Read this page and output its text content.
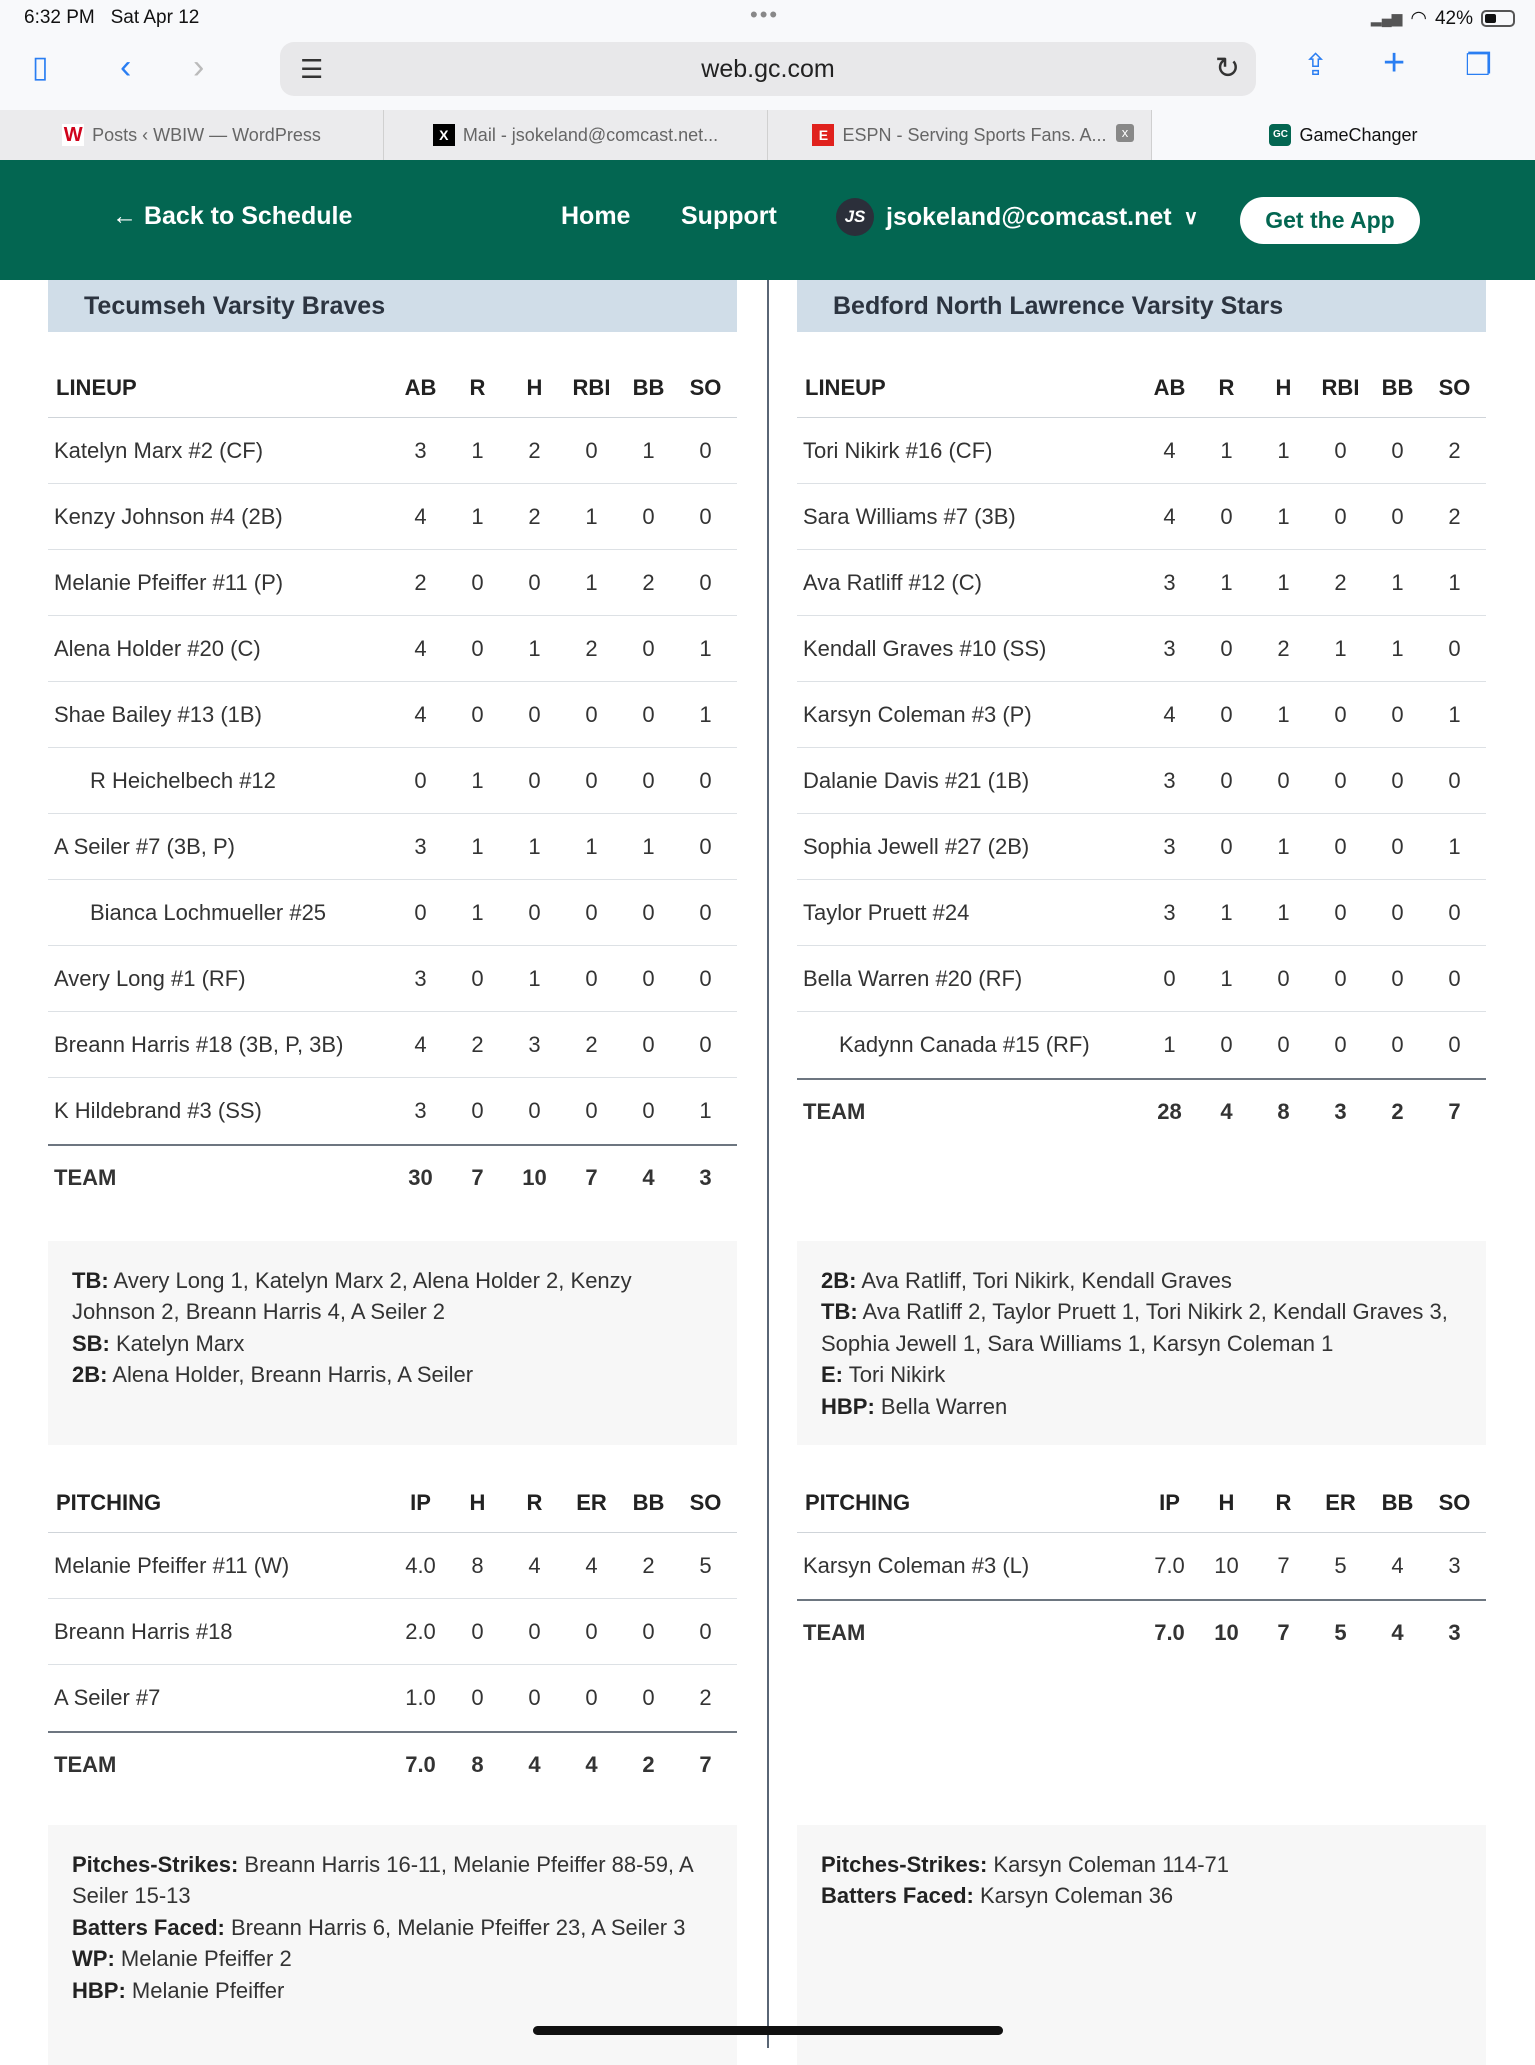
6:32 PM Sat Apr 12	•••	▂▄▆ ◠ 42%
▯ ‹ ›	☰	web.gc.com	↻ ⇪ + ❐
W Posts ‹ WBIW — WordPress	X Mail - jsokeland@comcast.net...	E ESPN - Serving Sports Fans. A...	x	GC GameChanger
← Back to Schedule	Home Support	JS jsokeland@comcast.net ∨	Get the App
Tecumseh Varsity Braves
LINEUP	AB	R	H	RBI	BB	SO
Katelyn Marx #2 (CF)	3	1	2	0	1	0
Kenzy Johnson #4 (2B)	4	1	2	1	0	0
Melanie Pfeiffer #11 (P)	2	0	0	1	2	0
Alena Holder #20 (C)	4	0	1	2	0	1
Shae Bailey #13 (1B)	4	0	0	0	0	1
R Heichelbech #12	0	1	0	0	0	0
A Seiler #7 (3B, P)	3	1	1	1	1	0
Bianca Lochmueller #25	0	1	0	0	0	0
Avery Long #1 (RF)	3	0	1	0	0	0
Breann Harris #18 (3B, P, 3B)	4	2	3	2	0	0
K Hildebrand #3 (SS)	3	0	0	0	0	1
TEAM	30	7	10	7	4	3
TB: Avery Long 1, Katelyn Marx 2, Alena Holder 2, Kenzy Johnson 2, Breann Harris 4, A Seiler 2
SB: Katelyn Marx
2B: Alena Holder, Breann Harris, A Seiler
PITCHING	IP	H	R	ER	BB	SO
Melanie Pfeiffer #11 (W)	4.0	8	4	4	2	5
Breann Harris #18	2.0	0	0	0	0	0
A Seiler #7	1.0	0	0	0	0	2
TEAM	7.0	8	4	4	2	7
Pitches-Strikes: Breann Harris 16-11, Melanie Pfeiffer 88-59, A Seiler 15-13
Batters Faced: Breann Harris 6, Melanie Pfeiffer 23, A Seiler 3
WP: Melanie Pfeiffer 2
HBP: Melanie Pfeiffer
Bedford North Lawrence Varsity Stars
LINEUP	AB	R	H	RBI	BB	SO
Tori Nikirk #16 (CF)	4	1	1	0	0	2
Sara Williams #7 (3B)	4	0	1	0	0	2
Ava Ratliff #12 (C)	3	1	1	2	1	1
Kendall Graves #10 (SS)	3	0	2	1	1	0
Karsyn Coleman #3 (P)	4	0	1	0	0	1
Dalanie Davis #21 (1B)	3	0	0	0	0	0
Sophia Jewell #27 (2B)	3	0	1	0	0	1
Taylor Pruett #24	3	1	1	0	0	0
Bella Warren #20 (RF)	0	1	0	0	0	0
Kadynn Canada #15 (RF)	1	0	0	0	0	0
TEAM	28	4	8	3	2	7
2B: Ava Ratliff, Tori Nikirk, Kendall Graves
TB: Ava Ratliff 2, Taylor Pruett 1, Tori Nikirk 2, Kendall Graves 3, Sophia Jewell 1, Sara Williams 1, Karsyn Coleman 1
E: Tori Nikirk
HBP: Bella Warren
PITCHING	IP	H	R	ER	BB	SO
Karsyn Coleman #3 (L)	7.0	10	7	5	4	3
TEAM	7.0	10	7	5	4	3
Pitches-Strikes: Karsyn Coleman 114-71
Batters Faced: Karsyn Coleman 36
